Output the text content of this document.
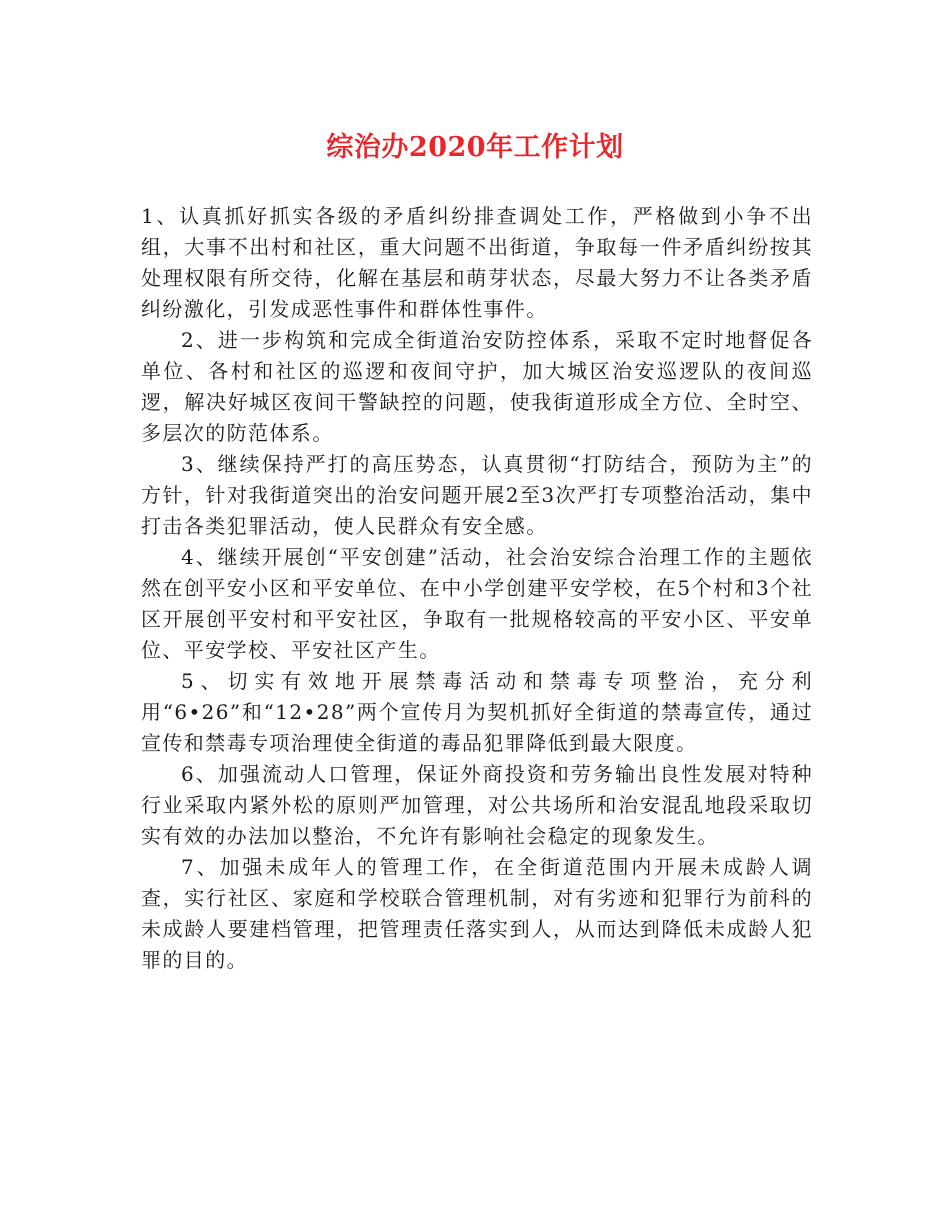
综治办2020年工作计划

1、认真抓好抓实各级的矛盾纠纷排查调处工作，严格做到小争不出组，大事不出村和社区，重大问题不出街道，争取每一件矛盾纠纷按其处理权限有所交待，化解在基层和萌芽状态，尽最大努力不让各类矛盾纠纷激化，引发成恶性事件和群体性事件。

2、进一步构筑和完成全街道治安防控体系，采取不定时地督促各单位、各村和社区的巡逻和夜间守护，加大城区治安巡逻队的夜间巡逻，解决好城区夜间干警缺控的问题，使我街道形成全方位、全时空、多层次的防范体系。

3、继续保持严打的高压势态，认真贯彻“打防结合，预防为主”的方针，针对我街道突出的治安问题开展2至3次严打专项整治活动，集中打击各类犯罪活动，使人民群众有安全感。

4、继续开展创“平安创建”活动，社会治安综合治理工作的主题依然在创平安小区和平安单位、在中小学创建平安学校，在5个村和3个社区开展创平安村和平安社区，争取有一批规格较高的平安小区、平安单位、平安学校、平安社区产生。

5、切实有效地开展禁毒活动和禁毒专项整治，充分利用“6•26”和“12•28”两个宣传月为契机抓好全街道的禁毒宣传，通过宣传和禁毒专项治理使全街道的毒品犯罪降低到最大限度。

6、加强流动人口管理，保证外商投资和劳务输出良性发展对特种行业采取内紧外松的原则严加管理，对公共场所和治安混乱地段采取切实有效的办法加以整治，不允许有影响社会稳定的现象发生。

7、加强未成年人的管理工作，在全街道范围内开展未成龄人调查，实行社区、家庭和学校联合管理机制，对有劣迹和犯罪行为前科的未成龄人要建档管理，把管理责任落实到人，从而达到降低未成龄人犯罪的目的。
